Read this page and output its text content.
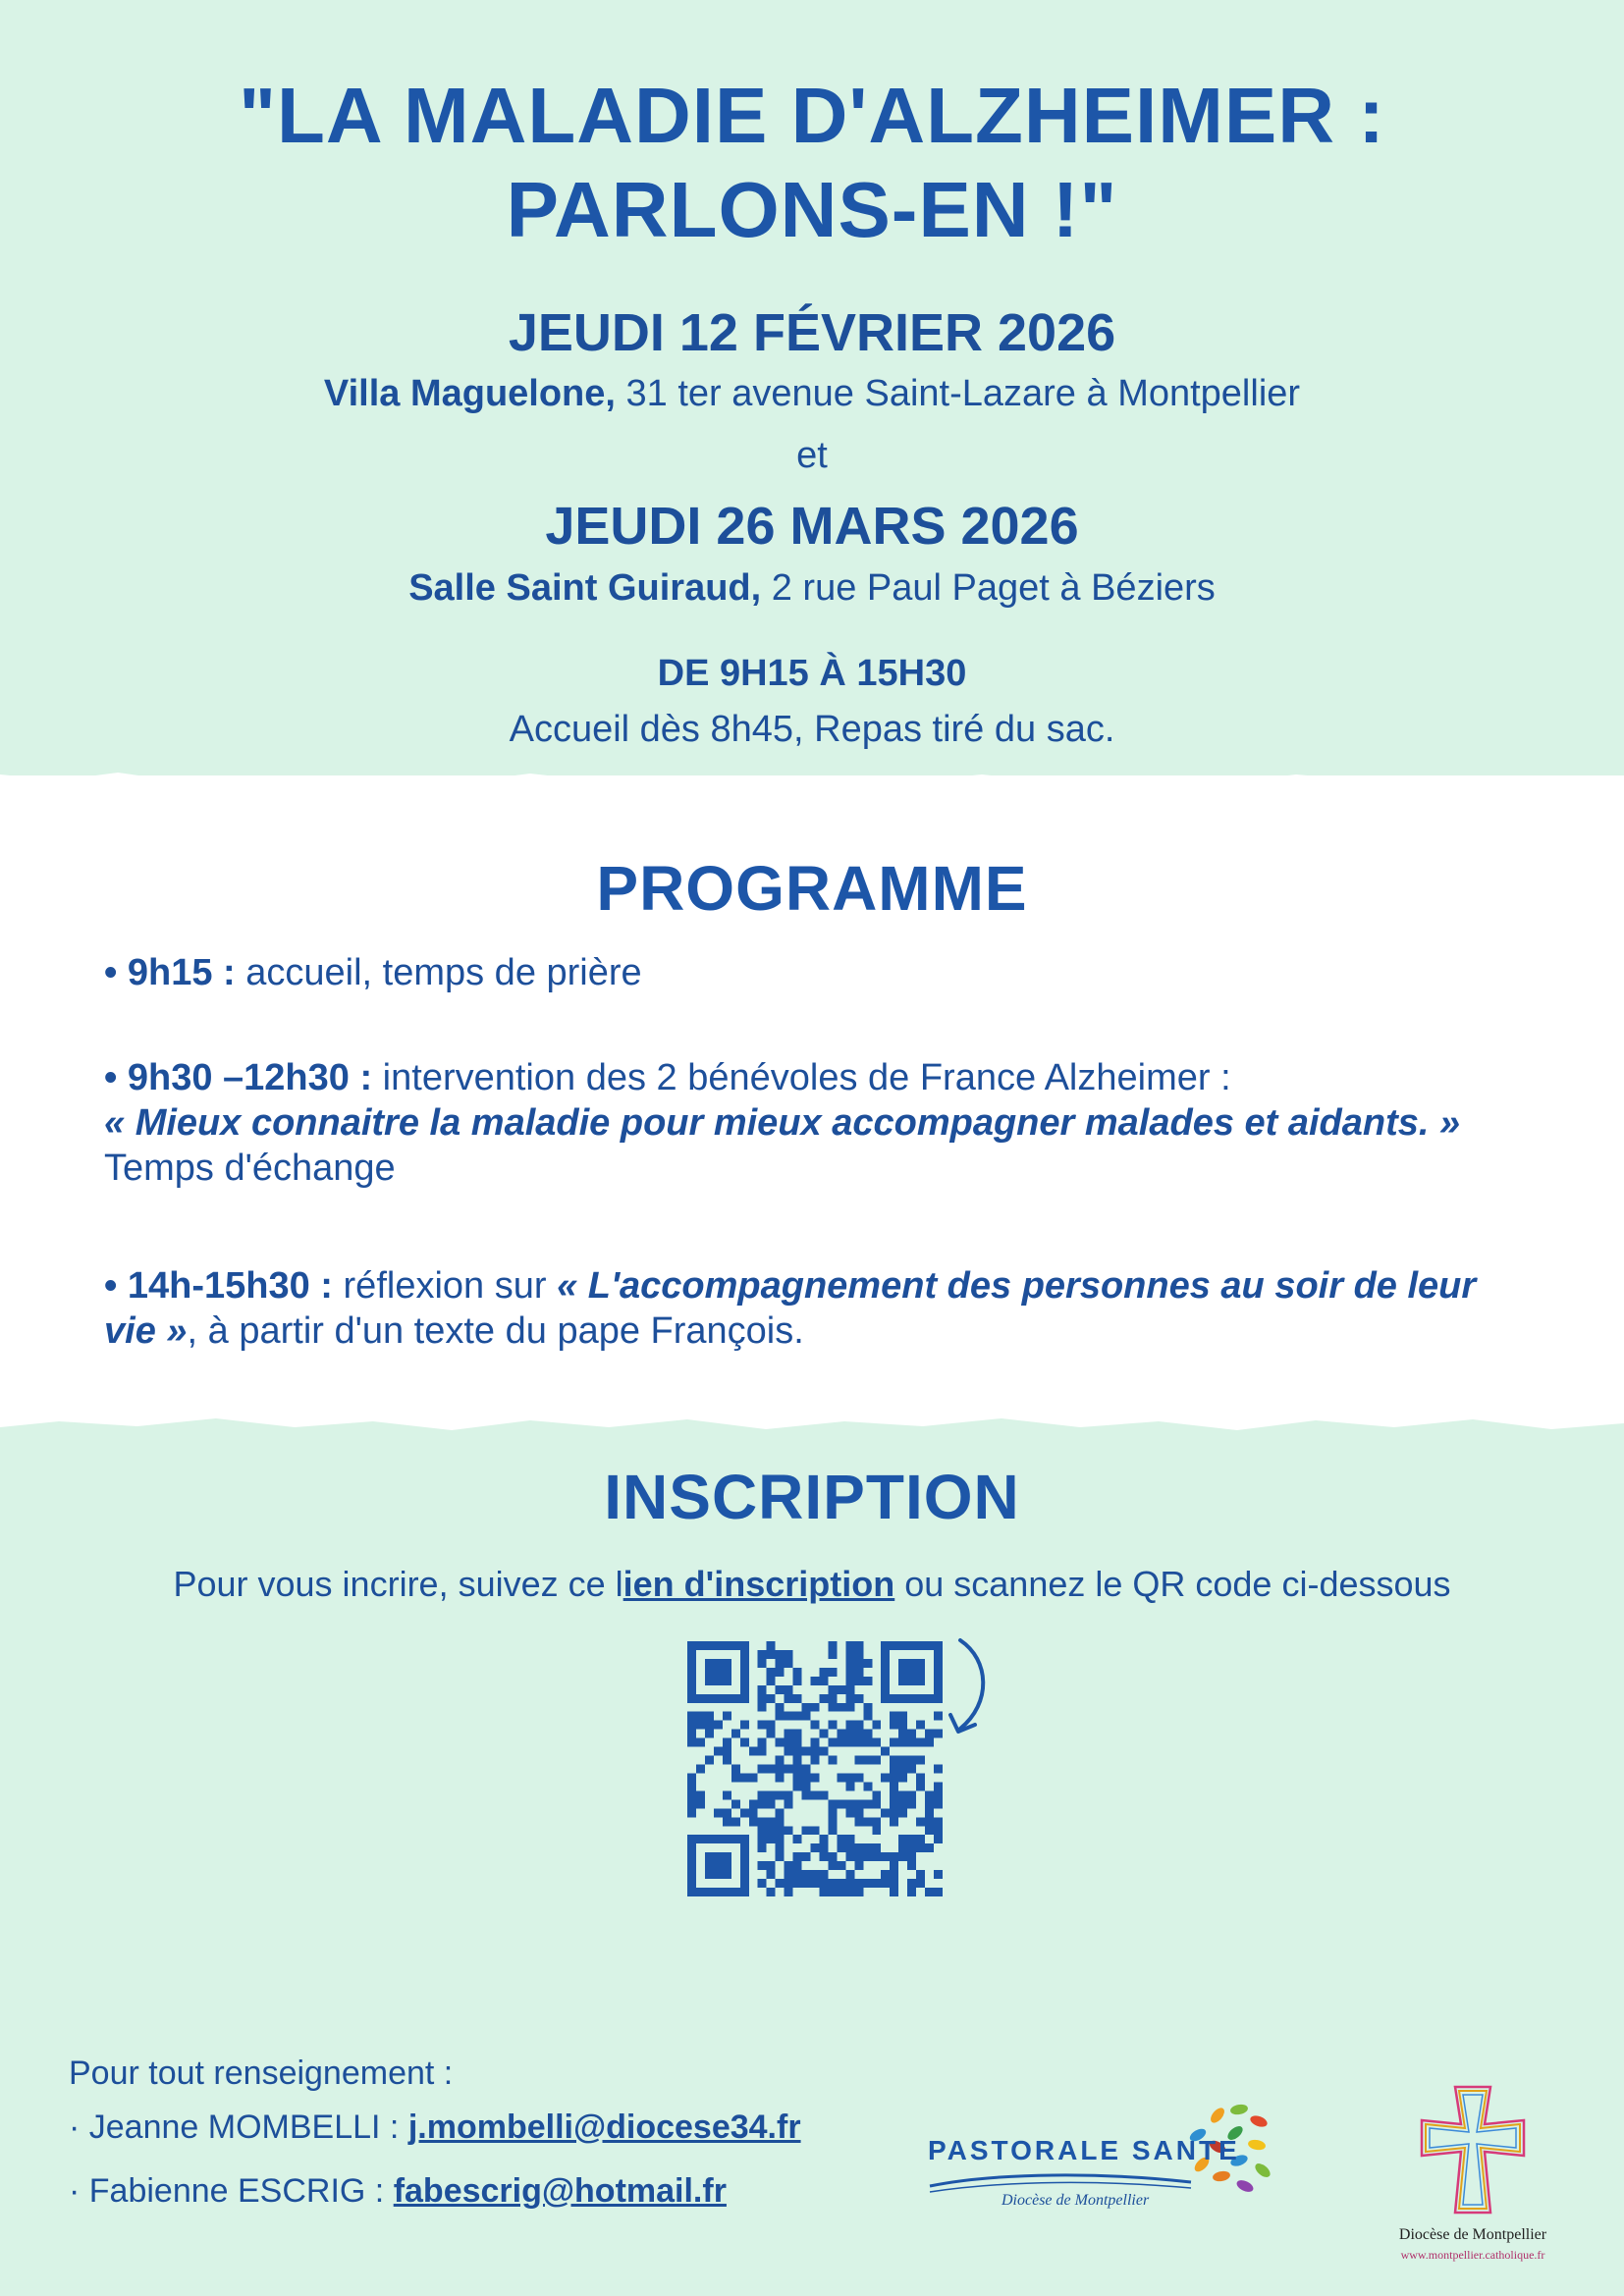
"LA MALADIE D'ALZHEIMER :
PARLONS-EN !"
JEUDI 12 FÉVRIER 2026
Villa Maguelone, 31 ter avenue Saint-Lazare à Montpellier
et
JEUDI 26 MARS 2026
Salle Saint Guiraud, 2 rue Paul Paget à Béziers
DE 9H15 À 15H30
Accueil dès 8h45, Repas tiré du sac.
PROGRAMME
• 9h15 : accueil, temps de prière
• 9h30 –12h30 : intervention des 2 bénévoles de France Alzheimer :
« Mieux connaitre la maladie pour mieux accompagner malades et aidants. »
Temps d'échange
• 14h-15h30 : réflexion sur « L'accompagnement des personnes au soir de leur vie », à partir d'un texte du pape François.
INSCRIPTION
Pour vous incrire, suivez ce lien d'inscription ou scannez le QR code ci-dessous
Pour tout renseignement :
· Jeanne MOMBELLI : j.mombelli@diocese34.fr
· Fabienne ESCRIG : fabescrig@hotmail.fr
PASTORALE SANTE
Diocèse de Montpellier
Diocèse de Montpellier
www.montpellier.catholique.fr
